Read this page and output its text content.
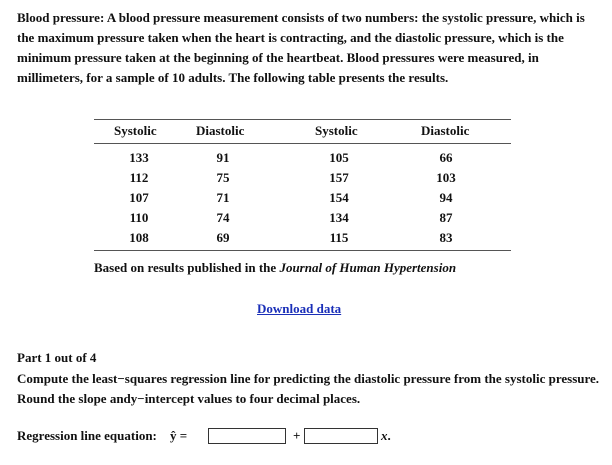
Blood pressure: A blood pressure measurement consists of two numbers: the systolic pressure, which is the maximum pressure taken when the heart is contracting, and the diastolic pressure, which is the minimum pressure taken at the beginning of the heartbeat. Blood pressures were measured, in millimeters, for a sample of 10 adults. The following table presents the results.
Systolic	Diastolic	Systolic	Diastolic
133	91	105	66
112	75	157	103
107	71	154	94
110	74	134	87
108	69	115	83
Based on results published in the Journal of Human Hypertension
Download data
Part 1 out of 4
Compute the least−squares regression line for predicting the diastolic pressure from the systolic pressure. Round the slope andy−intercept values to four decimal places.
Regression line equation: ŷ =	+	x.
